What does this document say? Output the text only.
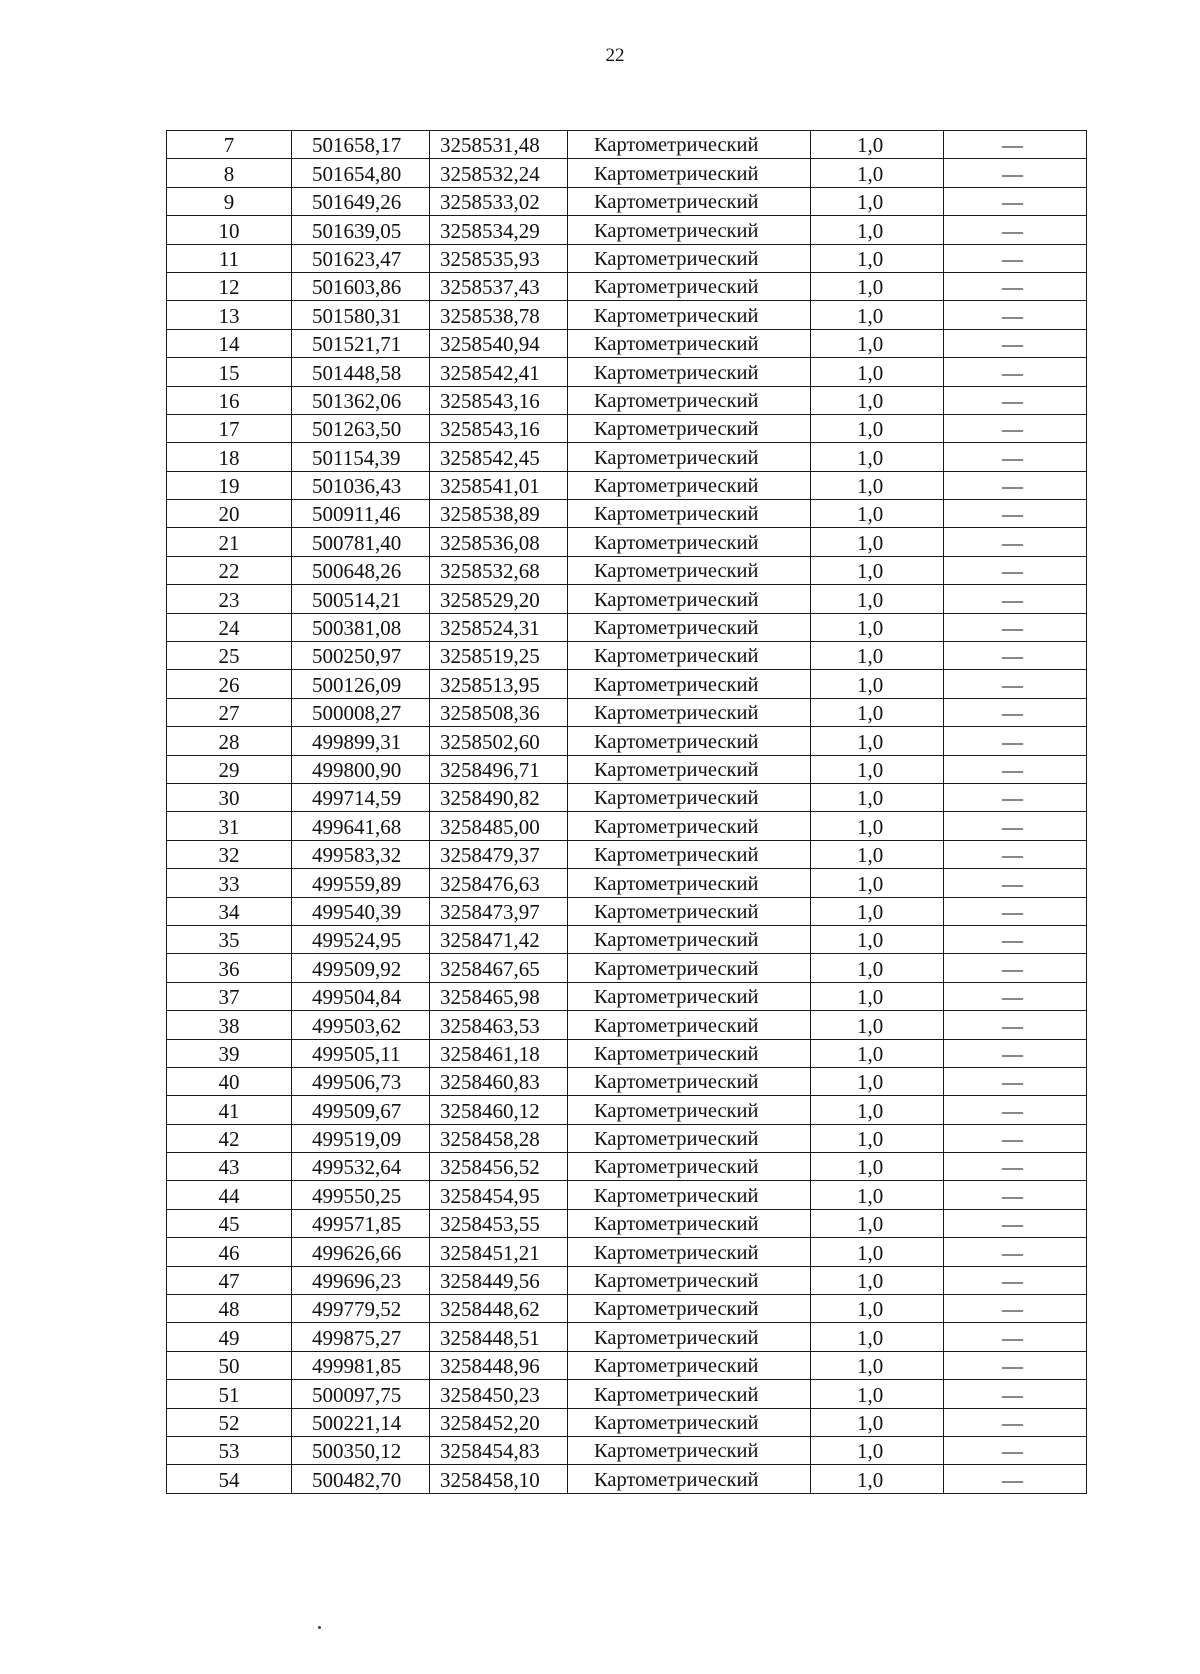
22
7	501658,17	3258531,48	Картометрический	1,0	—
8	501654,80	3258532,24	Картометрический	1,0	—
9	501649,26	3258533,02	Картометрический	1,0	—
10	501639,05	3258534,29	Картометрический	1,0	—
11	501623,47	3258535,93	Картометрический	1,0	—
12	501603,86	3258537,43	Картометрический	1,0	—
13	501580,31	3258538,78	Картометрический	1,0	—
14	501521,71	3258540,94	Картометрический	1,0	—
15	501448,58	3258542,41	Картометрический	1,0	—
16	501362,06	3258543,16	Картометрический	1,0	—
17	501263,50	3258543,16	Картометрический	1,0	—
18	501154,39	3258542,45	Картометрический	1,0	—
19	501036,43	3258541,01	Картометрический	1,0	—
20	500911,46	3258538,89	Картометрический	1,0	—
21	500781,40	3258536,08	Картометрический	1,0	—
22	500648,26	3258532,68	Картометрический	1,0	—
23	500514,21	3258529,20	Картометрический	1,0	—
24	500381,08	3258524,31	Картометрический	1,0	—
25	500250,97	3258519,25	Картометрический	1,0	—
26	500126,09	3258513,95	Картометрический	1,0	—
27	500008,27	3258508,36	Картометрический	1,0	—
28	499899,31	3258502,60	Картометрический	1,0	—
29	499800,90	3258496,71	Картометрический	1,0	—
30	499714,59	3258490,82	Картометрический	1,0	—
31	499641,68	3258485,00	Картометрический	1,0	—
32	499583,32	3258479,37	Картометрический	1,0	—
33	499559,89	3258476,63	Картометрический	1,0	—
34	499540,39	3258473,97	Картометрический	1,0	—
35	499524,95	3258471,42	Картометрический	1,0	—
36	499509,92	3258467,65	Картометрический	1,0	—
37	499504,84	3258465,98	Картометрический	1,0	—
38	499503,62	3258463,53	Картометрический	1,0	—
39	499505,11	3258461,18	Картометрический	1,0	—
40	499506,73	3258460,83	Картометрический	1,0	—
41	499509,67	3258460,12	Картометрический	1,0	—
42	499519,09	3258458,28	Картометрический	1,0	—
43	499532,64	3258456,52	Картометрический	1,0	—
44	499550,25	3258454,95	Картометрический	1,0	—
45	499571,85	3258453,55	Картометрический	1,0	—
46	499626,66	3258451,21	Картометрический	1,0	—
47	499696,23	3258449,56	Картометрический	1,0	—
48	499779,52	3258448,62	Картометрический	1,0	—
49	499875,27	3258448,51	Картометрический	1,0	—
50	499981,85	3258448,96	Картометрический	1,0	—
51	500097,75	3258450,23	Картометрический	1,0	—
52	500221,14	3258452,20	Картометрический	1,0	—
53	500350,12	3258454,83	Картометрический	1,0	—
54	500482,70	3258458,10	Картометрический	1,0	—
